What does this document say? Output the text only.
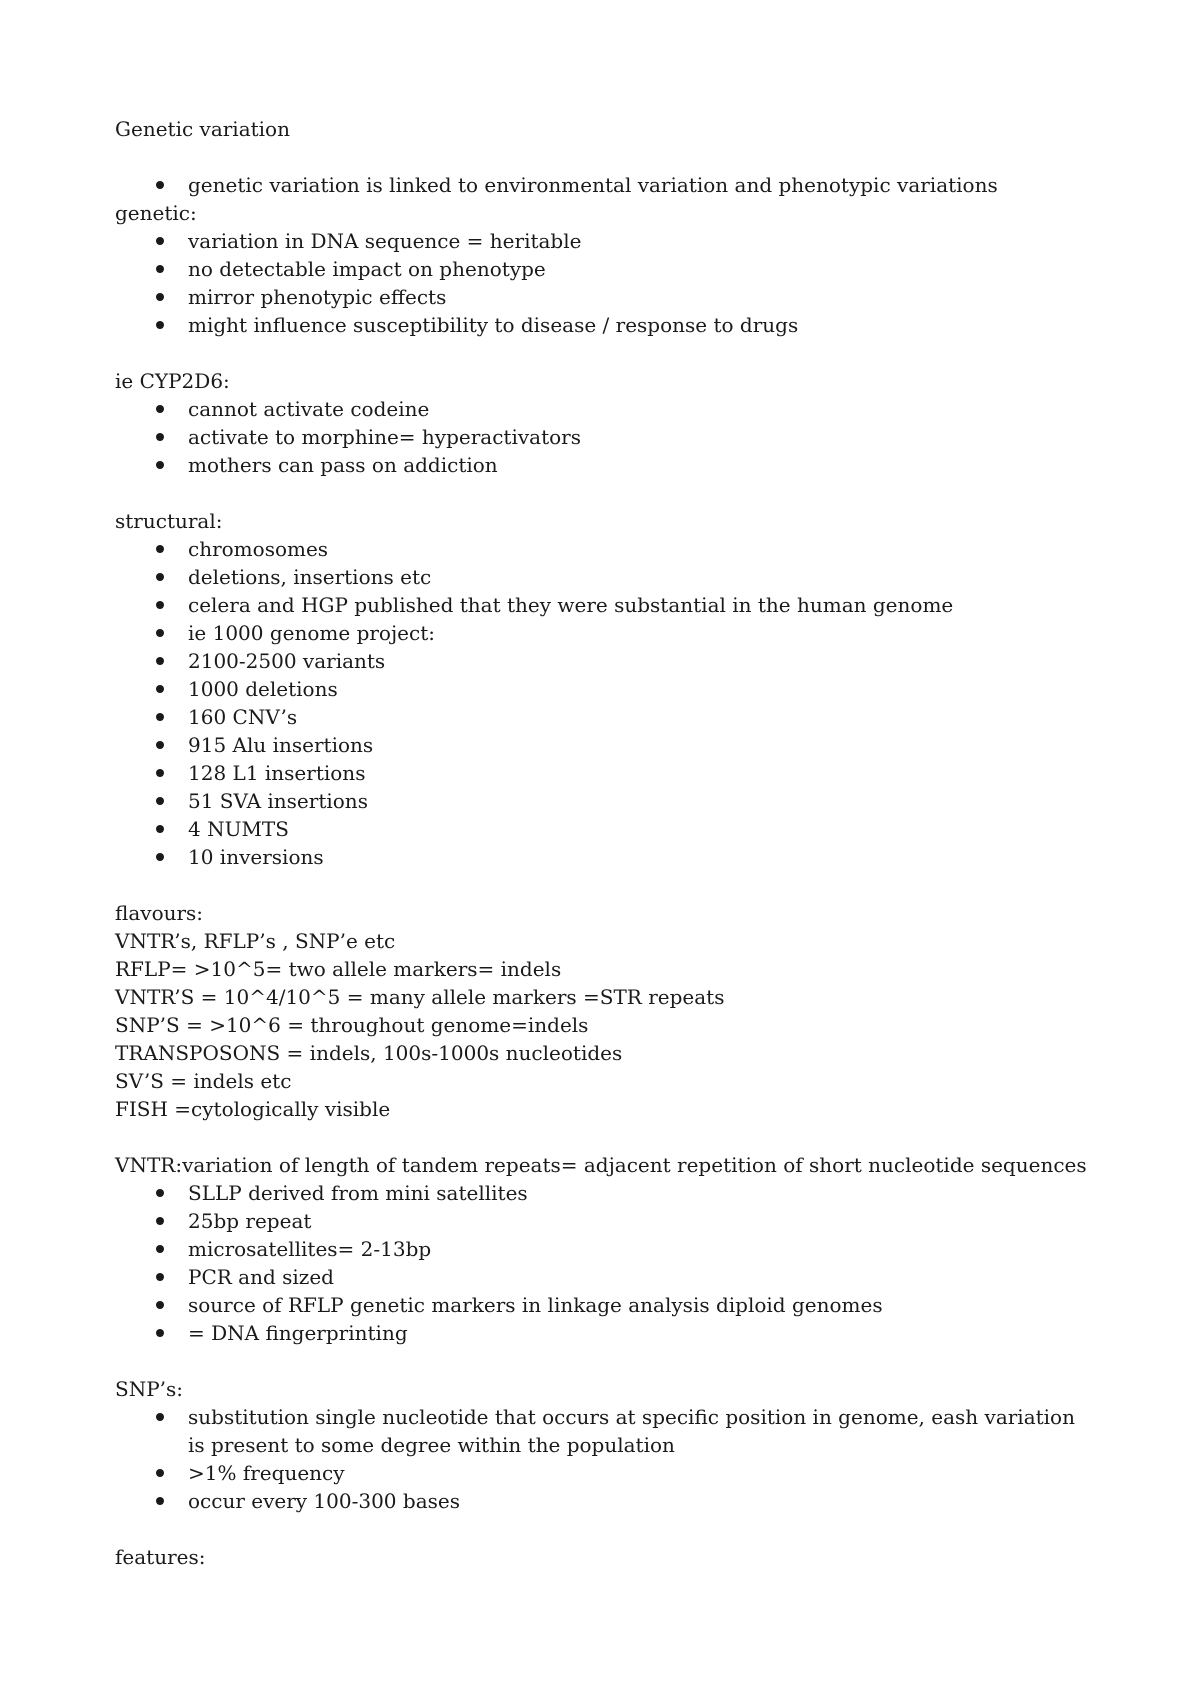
Genetic variation

genetic variation is linked to environmental variation and phenotypic variations

genetic:

variation in DNA sequence = heritable
no detectable impact on phenotype
mirror phenotypic effects
might influence susceptibility to disease / response to drugs

ie CYP2D6:

cannot activate codeine
activate to morphine= hyperactivators
mothers can pass on addiction

structural:

chromosomes
deletions, insertions etc
celera and HGP published that they were substantial in the human genome
ie 1000 genome project:
2100-2500 variants
1000 deletions
160 CNV’s
915 Alu insertions
128 L1 insertions
51 SVA insertions
4 NUMTS
10 inversions

flavours:

VNTR’s, RFLP’s , SNP’e etc

RFLP= >10^5= two allele markers= indels

VNTR’S = 10^4/10^5 = many allele markers =STR repeats

SNP’S = >10^6 = throughout genome=indels

TRANSPOSONS = indels, 100s-1000s nucleotides

SV’S = indels etc

FISH =cytologically visible

VNTR:variation of length of tandem repeats= adjacent repetition of short nucleotide sequences

SLLP derived from mini satellites
25bp repeat
microsatellites= 2-13bp
PCR and sized
source of RFLP genetic markers in linkage analysis diploid genomes
= DNA fingerprinting

SNP’s:

substitution single nucleotide that occurs at specific position in genome, eash variation is present to some degree within the population
>1% frequency
occur every 100-300 bases

features:
